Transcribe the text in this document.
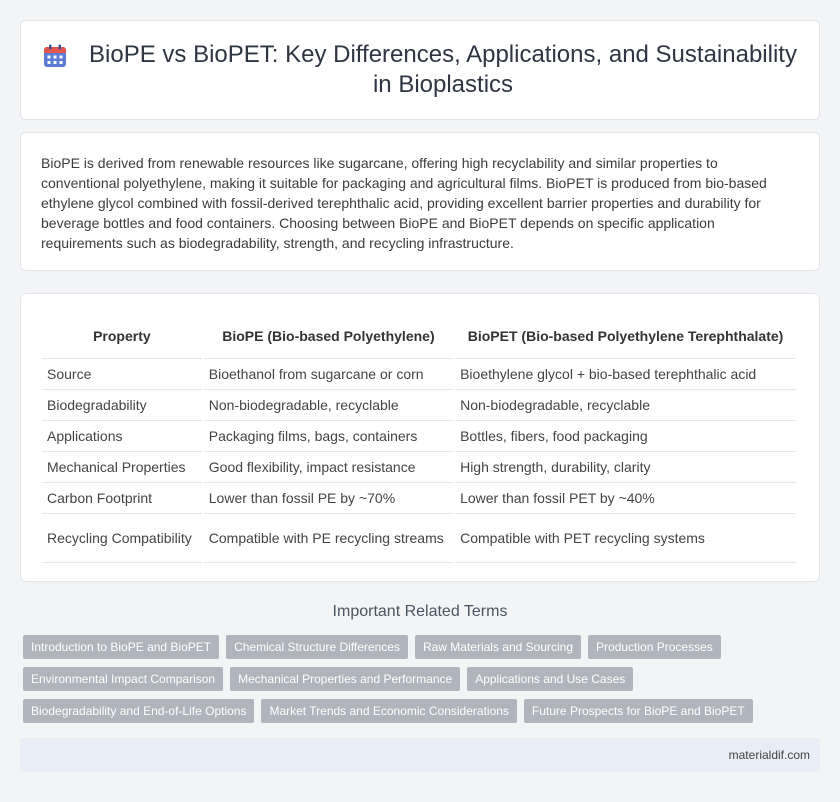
BioPE vs BioPET: Key Differences, Applications, and Sustainability in Bioplastics

BioPE is derived from renewable resources like sugarcane, offering high recyclability and similar properties to conventional polyethylene, making it suitable for packaging and agricultural films. BioPET is produced from bio-based ethylene glycol combined with fossil-derived terephthalic acid, providing excellent barrier properties and durability for beverage bottles and food containers. Choosing between BioPE and BioPET depends on specific application requirements such as biodegradability, strength, and recycling infrastructure.

Property	BioPE (Bio-based Polyethylene)	BioPET (Bio-based Polyethylene Terephthalate)
Source	Bioethanol from sugarcane or corn	Bioethylene glycol + bio-based terephthalic acid
Biodegradability	Non-biodegradable, recyclable	Non-biodegradable, recyclable
Applications	Packaging films, bags, containers	Bottles, fibers, food packaging
Mechanical Properties	Good flexibility, impact resistance	High strength, durability, clarity
Carbon Footprint	Lower than fossil PE by ~70%	Lower than fossil PET by ~40%
Recycling Compatibility	Compatible with PE recycling streams	Compatible with PET recycling systems
Important Related Terms
Introduction to BioPE and BioPET	Chemical Structure Differences	Raw Materials and Sourcing	Production Processes
Environmental Impact Comparison	Mechanical Properties and Performance	Applications and Use Cases
Biodegradability and End-of-Life Options	Market Trends and Economic Considerations	Future Prospects for BioPE and BioPET
materialdif.com
